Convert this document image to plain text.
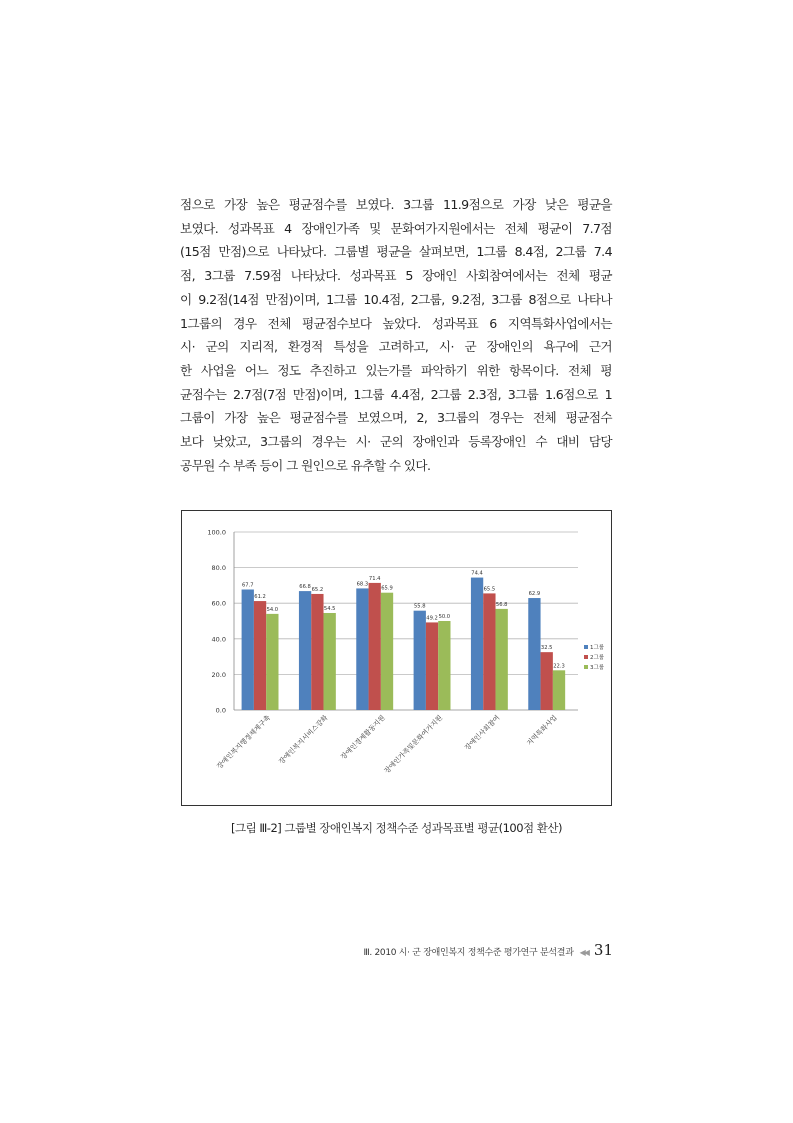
점으로 가장 높은 평균점수를 보였다. 3그룹 11.9점으로 가장 낮은 평균을
보였다. 성과목표 4 장애인가족 및 문화여가지원에서는 전체 평균이 7.7점
(15점 만점)으로 나타났다. 그룹별 평균을 살펴보면, 1그룹 8.4점, 2그룹 7.4
점, 3그룹 7.59점 나타났다. 성과목표 5 장애인 사회참여에서는 전체 평균
이 9.2점(14점 만점)이며, 1그룹 10.4점, 2그룹, 9.2점, 3그룹 8점으로 나타나
1그룹의 경우 전체 평균점수보다 높았다. 성과목표 6 지역특화사업에서는
시· 군의 지리적, 환경적 특성을 고려하고, 시· 군 장애인의 욕구에 근거
한 사업을 어느 정도 추진하고 있는가를 파악하기 위한 항목이다. 전체 평
균점수는 2.7점(7점 만점)이며, 1그룹 4.4점, 2그룹 2.3점, 3그룹 1.6점으로 1
그룹이 가장 높은 평균점수를 보였으며, 2, 3그룹의 경우는 전체 평균점수
보다 낮았고, 3그룹의 경우는 시· 군의 장애인과 등록장애인 수 대비 담당
공무원 수 부족 등이 그 원인으로 유추할 수 있다.
0.0
20.0
40.0
60.0
80.0
100.0
67.7
61.2
54.0
장애인복지행정체계구축
66.8 65.2
54.5
장애인복지서비스강화
68.3
71.4
65.9
장애인경제활동지원
55.8
49.2 50.0
장애인가족및문화여가지원
74.4
65.5
56.8
장애인사회참여
62.9
32.5
22.3
지역특화사업
1그룹
2그룹
3그룹
[그림 Ⅲ-2] 그룹별 장애인복지 정책수준 성과목표별 평균(100점 환산)
Ⅲ. 2010 시· 군 장애인복지 정책수준 평가연구 분석결과 ◀◀ 31
